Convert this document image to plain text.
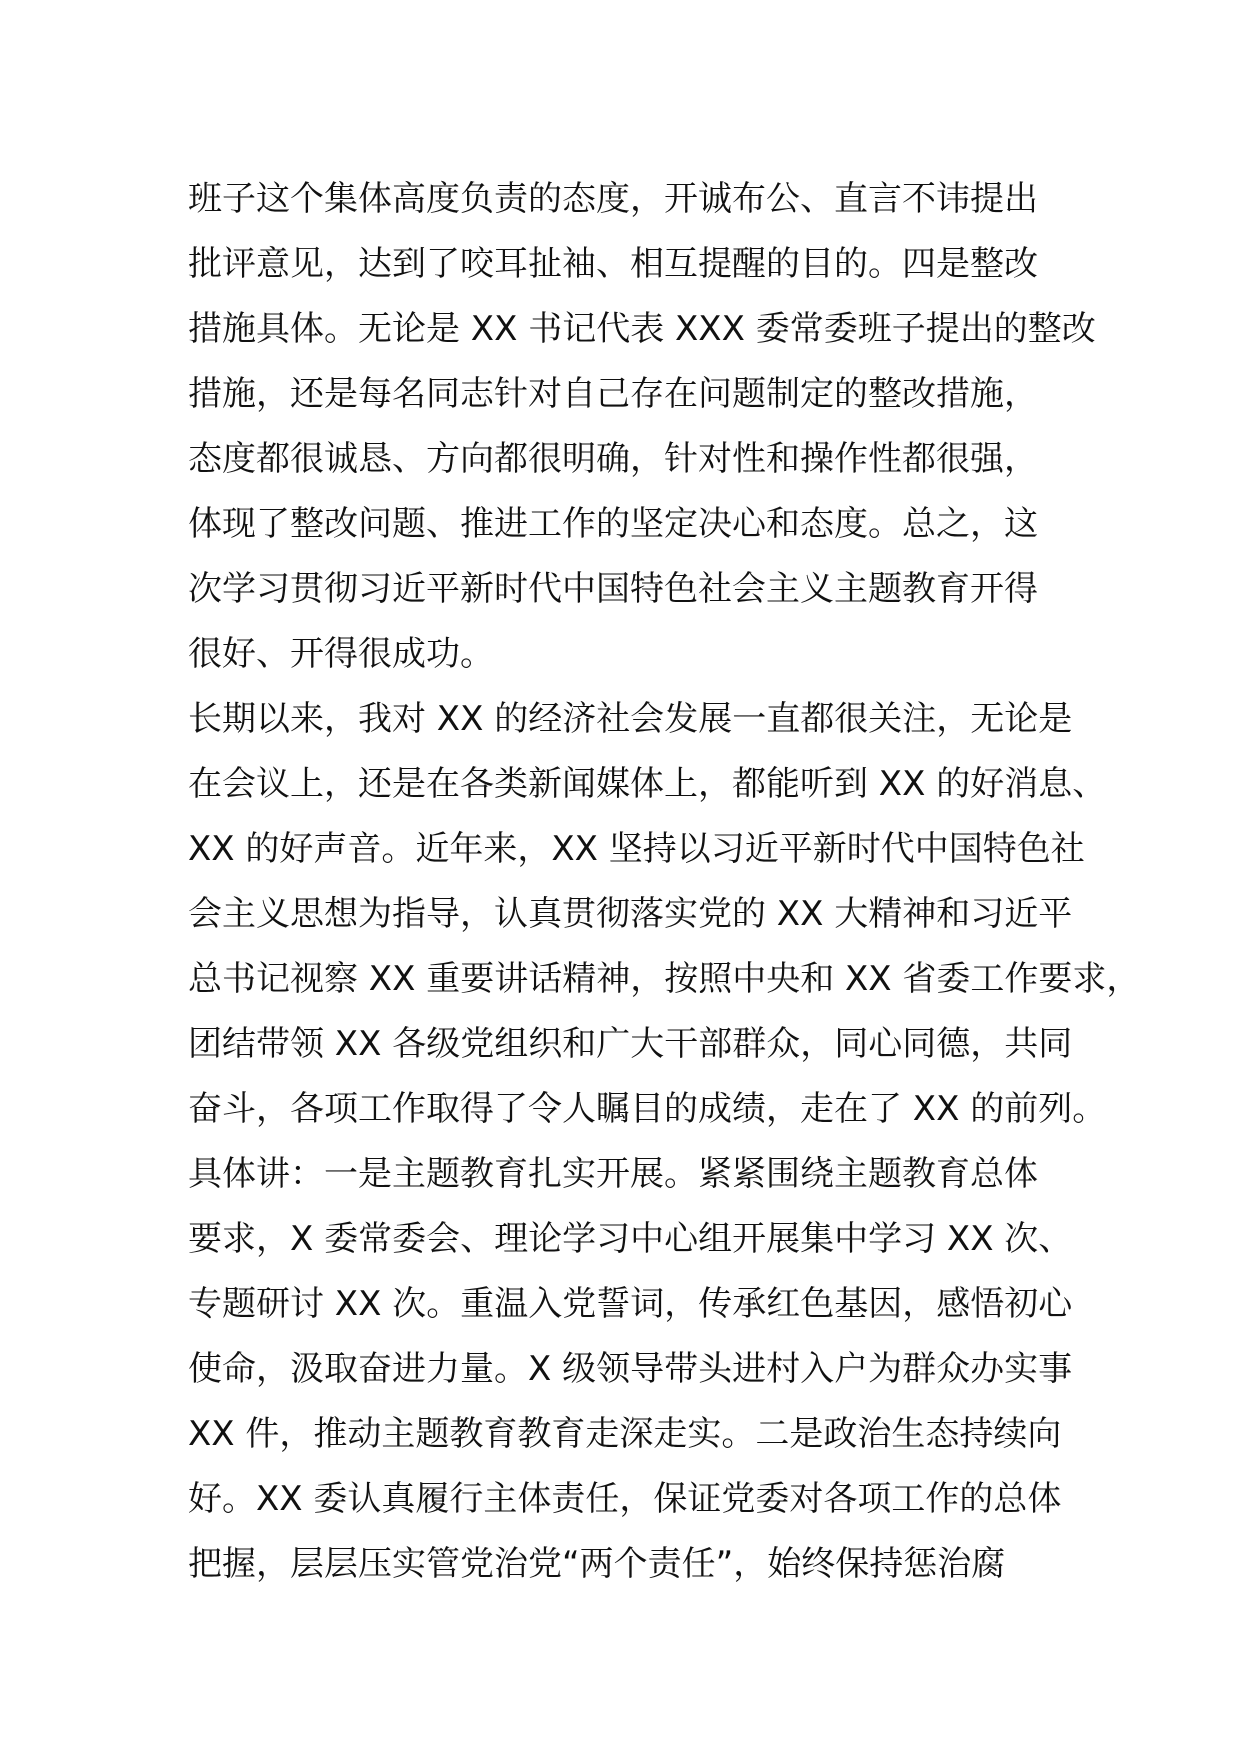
班子这个集体高度负责的态度，开诚布公、直言不讳提出
批评意见，达到了咬耳扯袖、相互提醒的目的。四是整改
措施具体。无论是 XX 书记代表 XXX 委常委班子提出的整改
措施，还是每名同志针对自己存在问题制定的整改措施，
态度都很诚恳、方向都很明确，针对性和操作性都很强，
体现了整改问题、推进工作的坚定决心和态度。总之，这
次学习贯彻习近平新时代中国特色社会主义主题教育开得
很好、开得很成功。
长期以来，我对 XX 的经济社会发展一直都很关注，无论是
在会议上，还是在各类新闻媒体上，都能听到 XX 的好消息、
XX 的好声音。近年来，XX 坚持以习近平新时代中国特色社
会主义思想为指导，认真贯彻落实党的 XX 大精神和习近平
总书记视察 XX 重要讲话精神，按照中央和 XX 省委工作要求，
团结带领 XX 各级党组织和广大干部群众，同心同德，共同
奋斗，各项工作取得了令人瞩目的成绩，走在了 XX 的前列。
具体讲：一是主题教育扎实开展。紧紧围绕主题教育总体
要求，X 委常委会、理论学习中心组开展集中学习 XX 次、
专题研讨 XX 次。重温入党誓词，传承红色基因，感悟初心
使命，汲取奋进力量。X 级领导带头进村入户为群众办实事
XX 件，推动主题教育教育走深走实。二是政治生态持续向
好。XX 委认真履行主体责任，保证党委对各项工作的总体
把握，层层压实管党治党“两个责任”，始终保持惩治腐
